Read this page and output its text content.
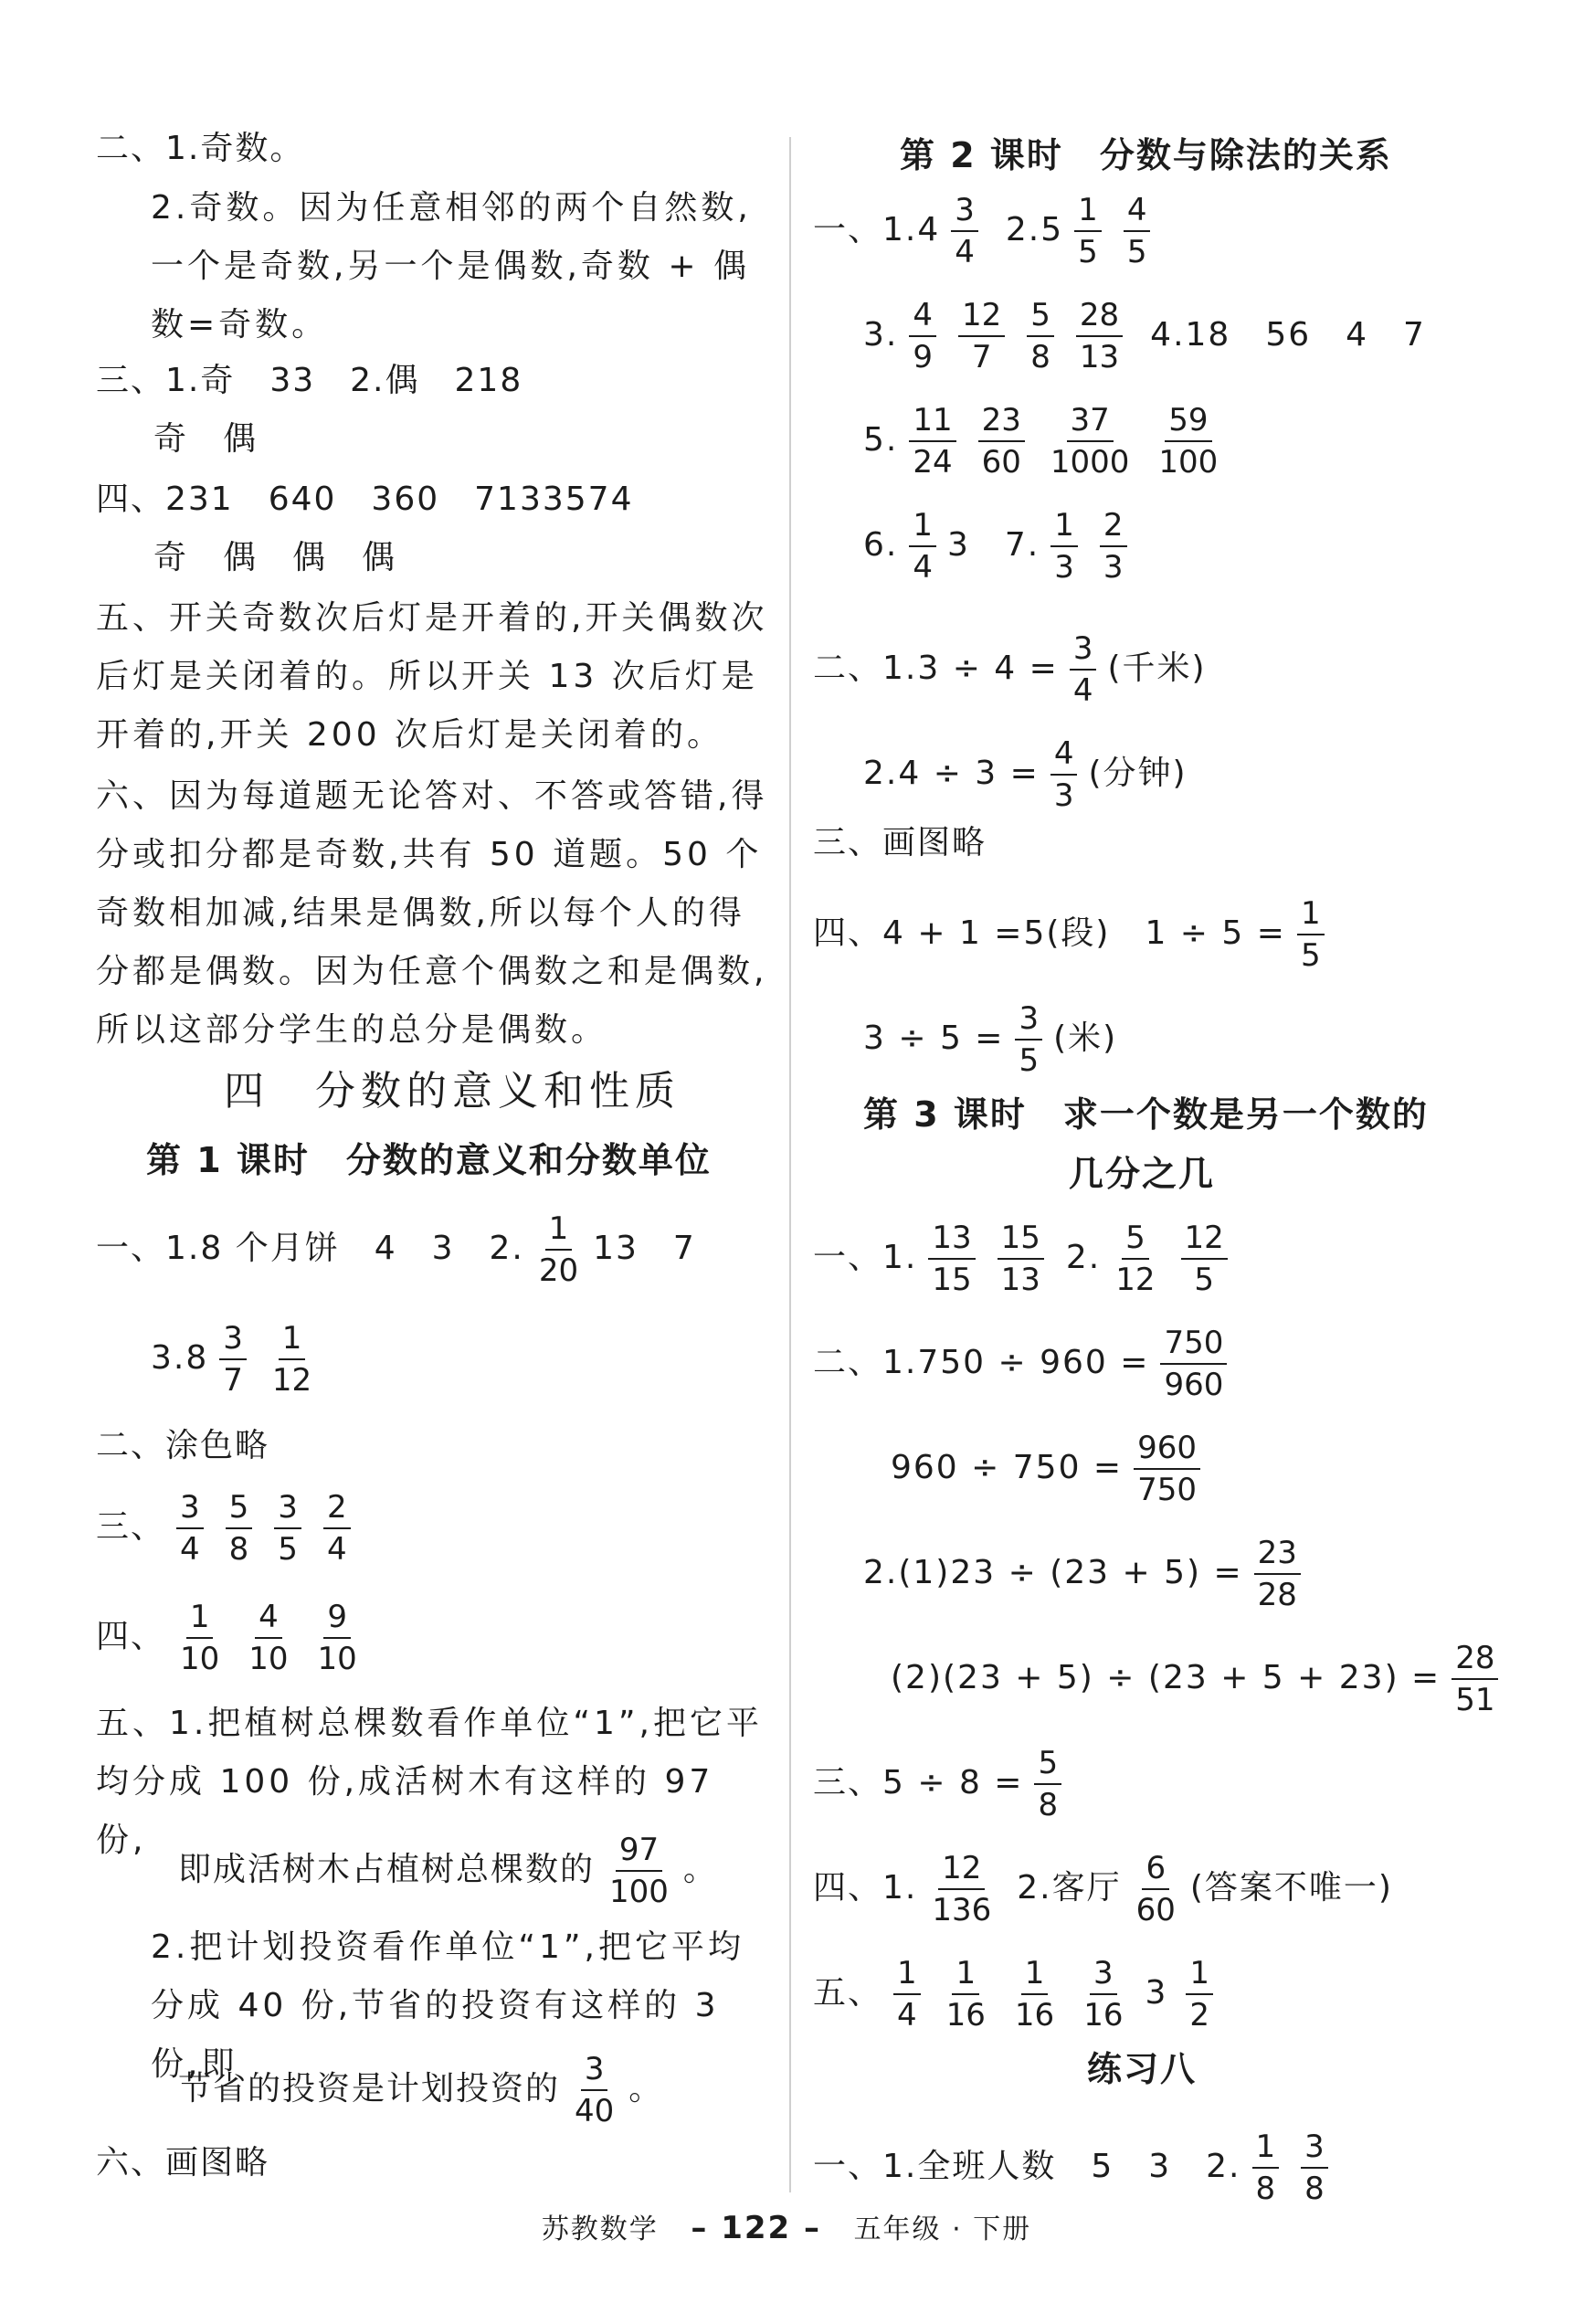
二、1.奇数。
2.奇数。因为任意相邻的两个自然数,一个是奇数,另一个是偶数,奇数 + 偶数=奇数。
三、1.奇　33　2.偶　218
奇　偶
四、231　640　360　7133574
奇　偶　偶　偶
五、开关奇数次后灯是开着的,开关偶数次后灯是关闭着的。所以开关 13 次后灯是开着的,开关 200 次后灯是关闭着的。
六、因为每道题无论答对、不答或答错,得分或扣分都是奇数,共有 50 道题。50 个奇数相加减,结果是偶数,所以每个人的得分都是偶数。因为任意个偶数之和是偶数,所以这部分学生的总分是偶数。
四　分数的意义和性质
第 1 课时　分数的意义和分数单位
一、1.8 个月饼　4　3　2. $\frac{1}{20} 13$　7
$3.8 \frac{3}{7} \frac{1}{12}$
二、涂色略
三、 $\frac{3}{4} \frac{5}{8} \frac{3}{5} \frac{2}{4}$
四、 $\frac{1}{10} \frac{4}{10} \frac{9}{10}$
五、1.把植树总棵数看作单位“1”,把它平均分成 100 份,成活树木有这样的 97 份,
即成活树木占植树总棵数的 $\frac{97}{100}$ 。
2.把计划投资看作单位“1”,把它平均分成 40 份,节省的投资有这样的 3 份,即
节省的投资是计划投资的 $\frac{3}{40}$ 。
六、画图略
第 2 课时　分数与除法的关系
一、$1.4 \frac{3}{4} 2.5 \frac{1}{5} \frac{4}{5}$
3. $\frac{4}{9} \frac{12}{7} \frac{5}{8} \frac{28}{13} 4.18$　56　4　7
5. $\frac{11}{24} \frac{23}{60} \frac{37}{1000} \frac{59}{100}$
6. $\frac{1}{4} 3$　7. $\frac{1}{3} \frac{2}{3}$
二、$1.3 \div 4 = \frac{3}{4}$ (千米)
$2.4 \div 3 = \frac{4}{3}$ (分钟)
三、画图略
四、4 + 1 =5(段)　$1 \div 5 = \frac{1}{5}$
$3 \div 5 = \frac{3}{5}$ (米)
第 3 课时　求一个数是另一个数的
几分之几
一、1. $\frac{13}{15} \frac{15}{13} 2$. $\frac{5}{12} \frac{12}{5}$
二、$1.750 \div 960 = \frac{750}{960}$
$960 \div 750 = \frac{960}{750}$
$2.(1)23 \div (23 + 5) = \frac{23}{28}$
$(2)(23 + 5) \div (23 + 5 + 23) = \frac{28}{51}$
三、$5 \div 8 = \frac{5}{8}$
四、1. $\frac{12}{136} 2$.客厅 $\frac{6}{60}$ (答案不唯一)
五、 $\frac{1}{4} \frac{1}{16} \frac{1}{16} \frac{3}{16} 3 \frac{1}{2}$
练习八
一、1.全班人数　5　3　2. $\frac{1}{8} \frac{3}{8}$
苏教数学 – 122 – 五年级 · 下册
